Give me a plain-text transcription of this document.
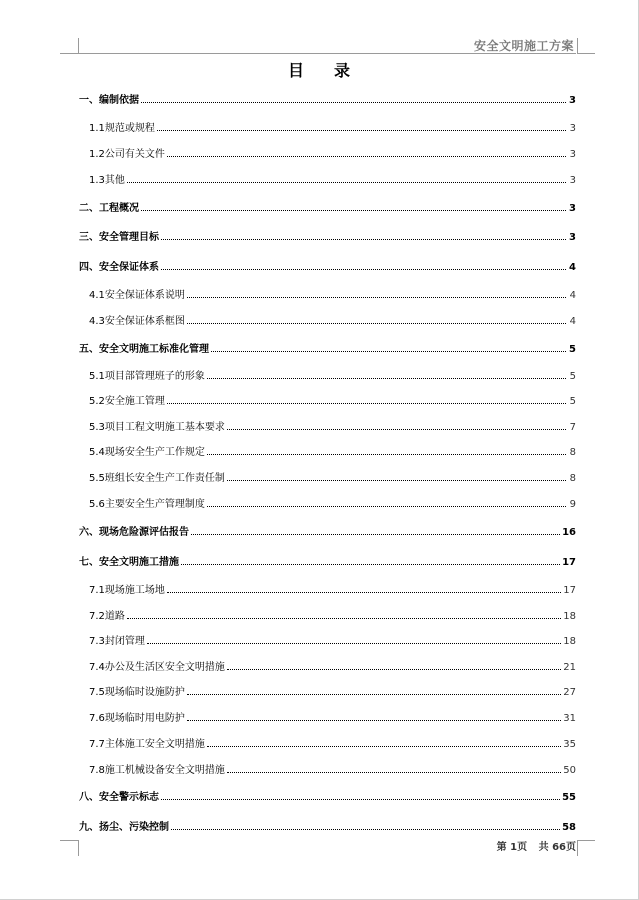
安全文明施工方案
目 录
一、编制依据	3
1.1规范或规程	3
1.2公司有关文件	3
1.3其他	3
二、工程概况	3
三、安全管理目标	3
四、安全保证体系	4
4.1安全保证体系说明	4
4.3安全保证体系框图	4
五、安全文明施工标准化管理	5
5.1项目部管理班子的形象	5
5.2安全施工管理	5
5.3项目工程文明施工基本要求	7
5.4现场安全生产工作规定	8
5.5班组长安全生产工作责任制	8
5.6主要安全生产管理制度	9
六、现场危险源评估报告	16
七、安全文明施工措施	17
7.1现场施工场地	17
7.2道路	18
7.3封闭管理	18
7.4办公及生活区安全文明措施	21
7.5现场临时设施防护	27
7.6现场临时用电防护	31
7.7主体施工安全文明措施	35
7.8施工机械设备安全文明措施	50
八、安全警示标志	55
九、扬尘、污染控制	58
第 1页 共 66页
